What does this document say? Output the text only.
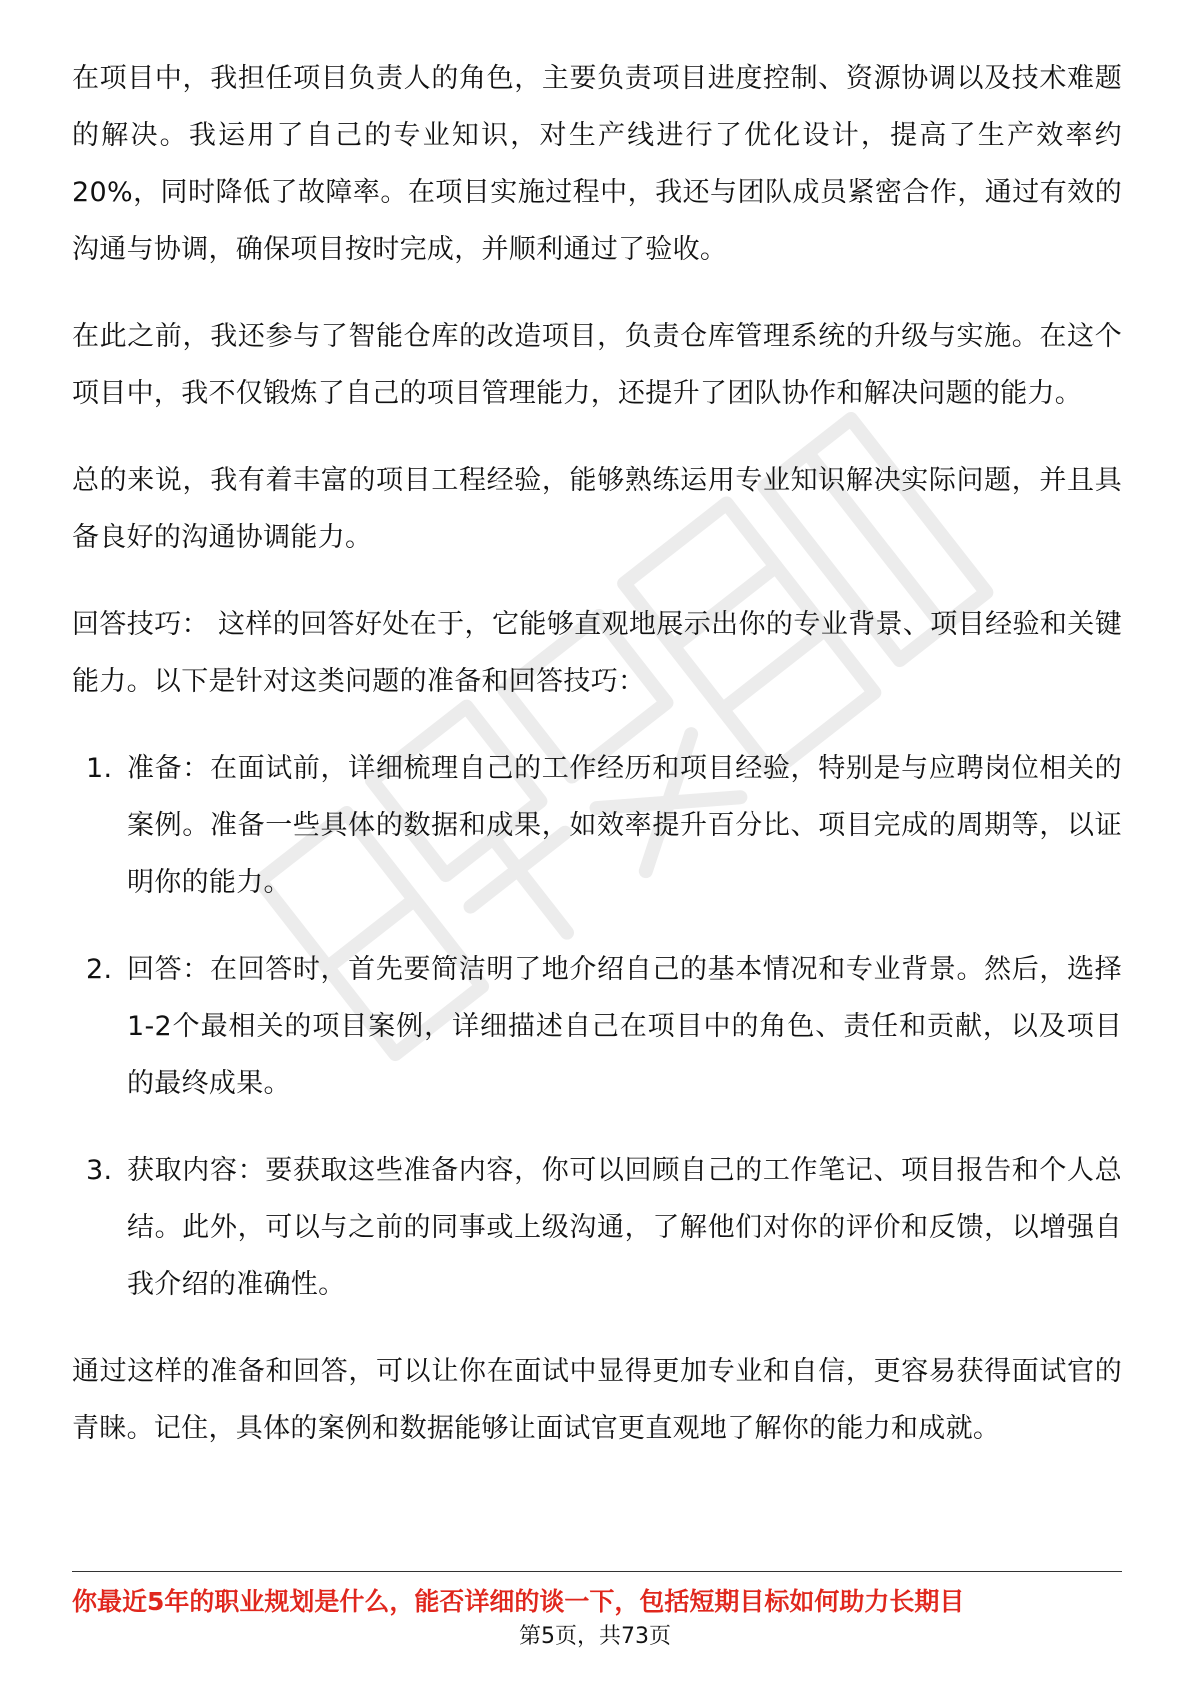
在项目中，我担任项目负责人的角色，主要负责项目进度控制、资源协调以及技术难题的解决。我运用了自己的专业知识，对生产线进行了优化设计，提高了生产效率约20%，同时降低了故障率。在项目实施过程中，我还与团队成员紧密合作，通过有效的沟通与协调，确保项目按时完成，并顺利通过了验收。

在此之前，我还参与了智能仓库的改造项目，负责仓库管理系统的升级与实施。在这个项目中，我不仅锻炼了自己的项目管理能力，还提升了团队协作和解决问题的能力。

总的来说，我有着丰富的项目工程经验，能够熟练运用专业知识解决实际问题，并且具备良好的沟通协调能力。

回答技巧： 这样的回答好处在于，它能够直观地展示出你的专业背景、项目经验和关键能力。以下是针对这类问题的准备和回答技巧：

1. 准备：在面试前，详细梳理自己的工作经历和项目经验，特别是与应聘岗位相关的案例。准备一些具体的数据和成果，如效率提升百分比、项目完成的周期等，以证明你的能力。
2. 回答：在回答时，首先要简洁明了地介绍自己的基本情况和专业背景。然后，选择1-2个最相关的项目案例，详细描述自己在项目中的角色、责任和贡献，以及项目的最终成果。
3. 获取内容：要获取这些准备内容，你可以回顾自己的工作笔记、项目报告和个人总结。此外，可以与之前的同事或上级沟通，了解他们对你的评价和反馈，以增强自我介绍的准确性。

通过这样的准备和回答，可以让你在面试中显得更加专业和自信，更容易获得面试官的青睐。记住，具体的案例和数据能够让面试官更直观地了解你的能力和成就。

你最近5年的职业规划是什么，能否详细的谈一下，包括短期目标如何助力长期目
第5页，共73页
